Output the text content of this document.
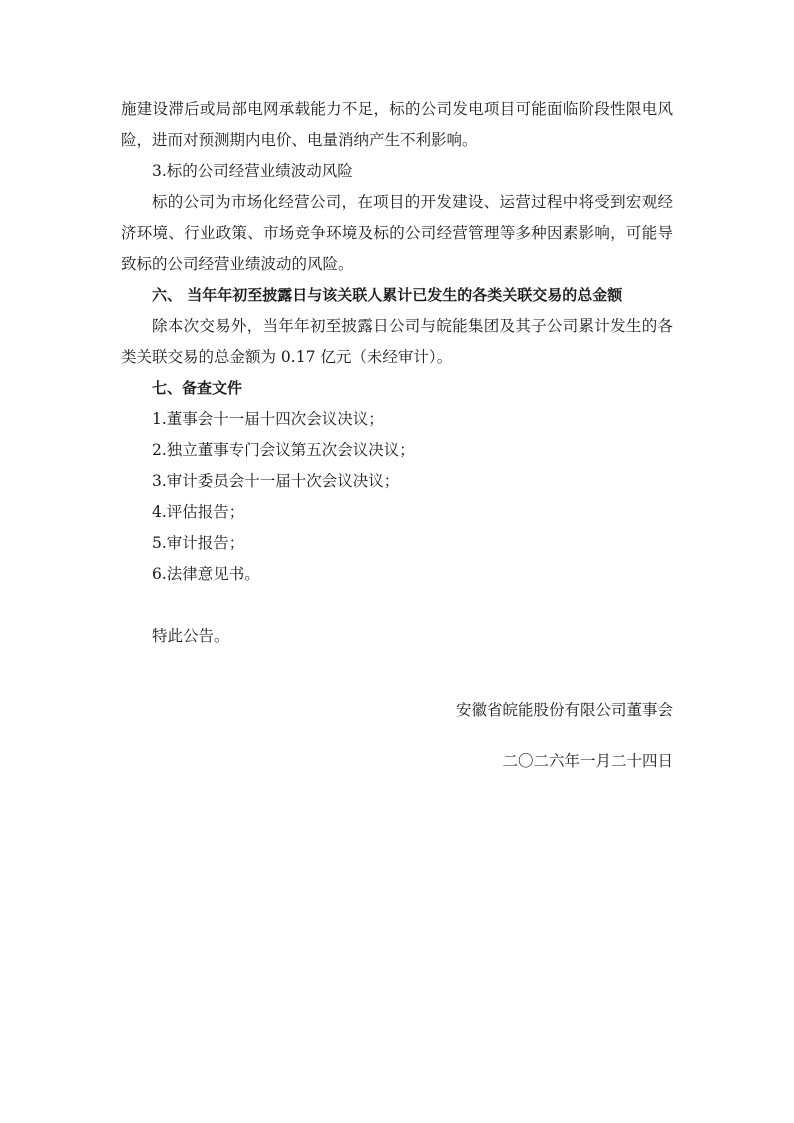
施建设滞后或局部电网承载能力不足，标的公司发电项目可能面临阶段性限电风险，进而对预测期内电价、电量消纳产生不利影响。

3.标的公司经营业绩波动风险

标的公司为市场化经营公司，在项目的开发建设、运营过程中将受到宏观经济环境、行业政策、市场竞争环境及标的公司经营管理等多种因素影响，可能导致标的公司经营业绩波动的风险。

六、 当年年初至披露日与该关联人累计已发生的各类关联交易的总金额

除本次交易外，当年年初至披露日公司与皖能集团及其子公司累计发生的各类关联交易的总金额为 0.17 亿元（未经审计）。

七、备查文件

1.董事会十一届十四次会议决议；

2.独立董事专门会议第五次会议决议；

3.审计委员会十一届十次会议决议；

4.评估报告；

5.审计报告；

6.法律意见书。

特此公告。

安徽省皖能股份有限公司董事会

二〇二六年一月二十四日
